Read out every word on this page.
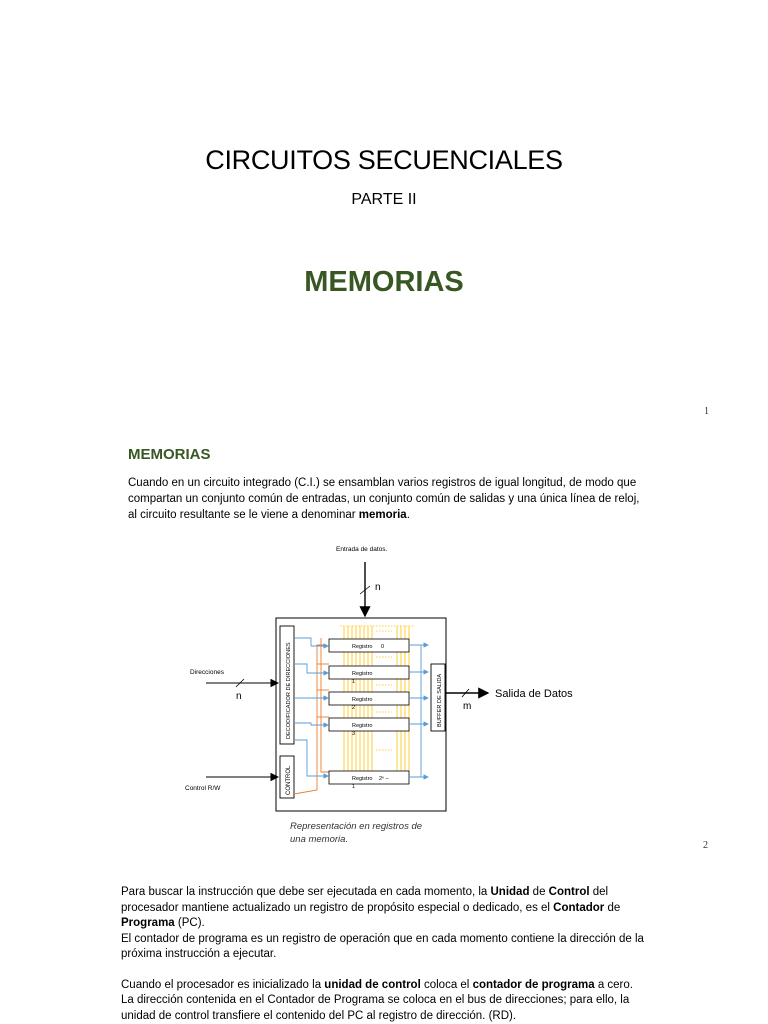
CIRCUITOS SECUENCIALES
PARTE II
MEMORIAS
1
MEMORIAS
Cuando en un circuito integrado (C.I.) se ensamblan varios registros de igual longitud, de modo que compartan un conjunto común de entradas, un conjunto común de salidas y una única línea de reloj, al circuito resultante se le viene a denominar memoria.
2
Entrada de datos.
n
DECODIFICADOR DE DIRECCIONES
CONTROL
Direcciones
n
Control R/W
Registro 0
Registro
1
Registro
2
Registro
3
Registro 2ⁿ –
1
BUFFER DE SALIDA m
Salida de Datos
Representación en registros de
una memoria.

Para buscar la instrucción que debe ser ejecutada en cada momento, la Unidad de Control del procesador mantiene actualizado un registro de propósito especial o dedicado, es el Contador de Programa (PC).

El contador de programa es un registro de operación que en cada momento contiene la dirección de la próxima instrucción a ejecutar.

Cuando el procesador es inicializado la unidad de control coloca el contador de programa a cero.

La dirección contenida en el Contador de Programa se coloca en el bus de direcciones; para ello, la unidad de control transfiere el contenido del PC al registro de dirección. (RD).
